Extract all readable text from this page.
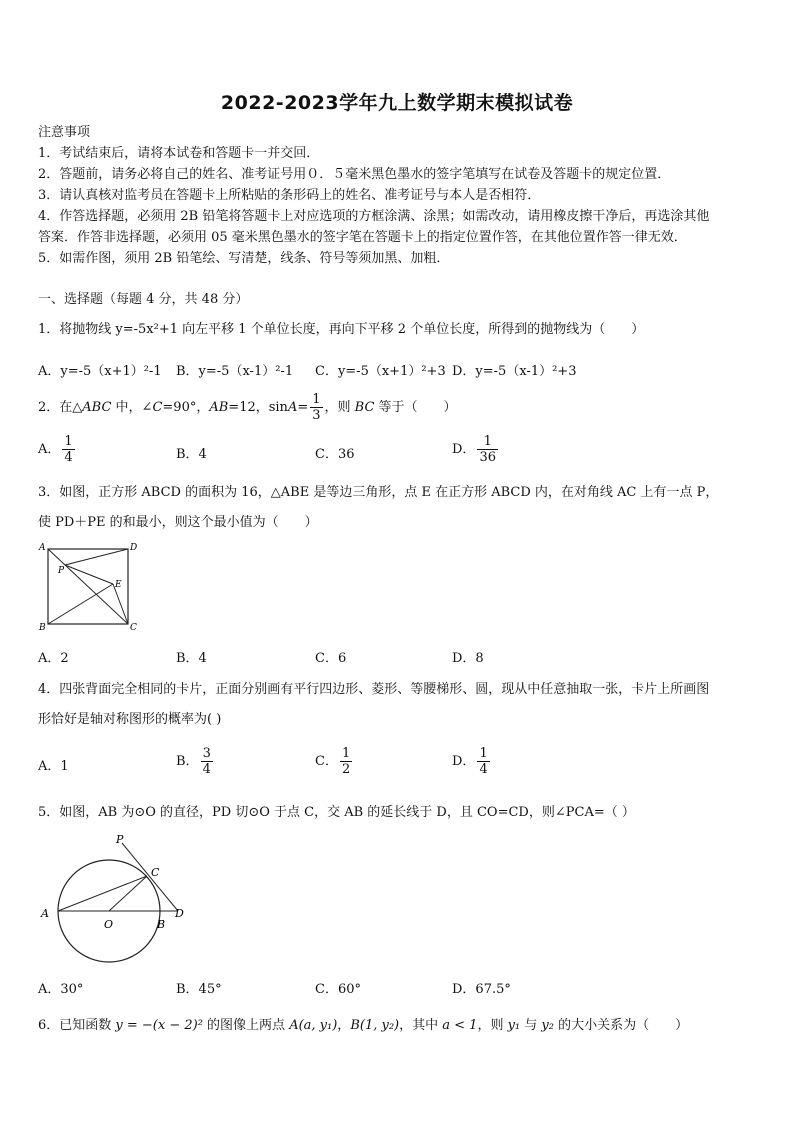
2022-2023学年九上数学期末模拟试卷
注意事项
1．考试结束后，请将本试卷和答题卡一并交回．
2．答题前，请务必将自己的姓名、准考证号用０．５毫米黑色墨水的签字笔填写在试卷及答题卡的规定位置．
3．请认真核对监考员在答题卡上所粘贴的条形码上的姓名、准考证号与本人是否相符．
4．作答选择题，必须用 2B 铅笔将答题卡上对应选项的方框涂满、涂黑；如需改动，请用橡皮擦干净后，再选涂其他
答案．作答非选择题，必须用 05 毫米黑色墨水的签字笔在答题卡上的指定位置作答，在其他位置作答一律无效．
5．如需作图，须用 2B 铅笔绘、写清楚，线条、符号等须加黑、加粗．
一、选择题（每题 4 分，共 48 分）
1．将抛物线 y=-5x²+1 向左平移 1 个单位长度，再向下平移 2 个单位长度，所得到的抛物线为（　　）
A．y=-5（x+1）²-1 B．y=-5（x-1）²-1 C．y=-5（x+1）²+3 D．y=-5（x-1）²+3
2．在△ABC 中，∠C=90°，AB=12，$\sin A= \frac{1}{3}$ ，则 BC 等于（　　）
A． $\frac{1}{4}$	B．4	C．36	D． $\frac{1}{36}$
3．如图，正方形 ABCD 的面积为 16，△ABE 是等边三角形，点 E 在正方形 ABCD 内，在对角线 AC 上有一点 P，
使 PD＋PE 的和最小，则这个最小值为（　　）
A	D
B	C
P
E
A．2	B．4	C．6	D．8
4．四张背面完全相同的卡片，正面分别画有平行四边形、菱形、等腰梯形、圆，现从中任意抽取一张，卡片上所画图
形恰好是轴对称图形的概率为( )
A．1	B． $\frac{3}{4}$	C． $\frac{1}{2}$	D． $\frac{1}{4}$
5．如图，AB 为⊙O 的直径，PD 切⊙O 于点 C，交 AB 的延长线于 D，且 CO=CD，则∠PCA=（ ）
P
C
A
O	B
D
A．30°	B．45°	C．60°	D．67.5°
6．已知函数 y = −(x − 2)² 的图像上两点 A(a, y₁)，B(1, y₂)，其中 a < 1，则 y₁ 与 y₂ 的大小关系为（　　）
